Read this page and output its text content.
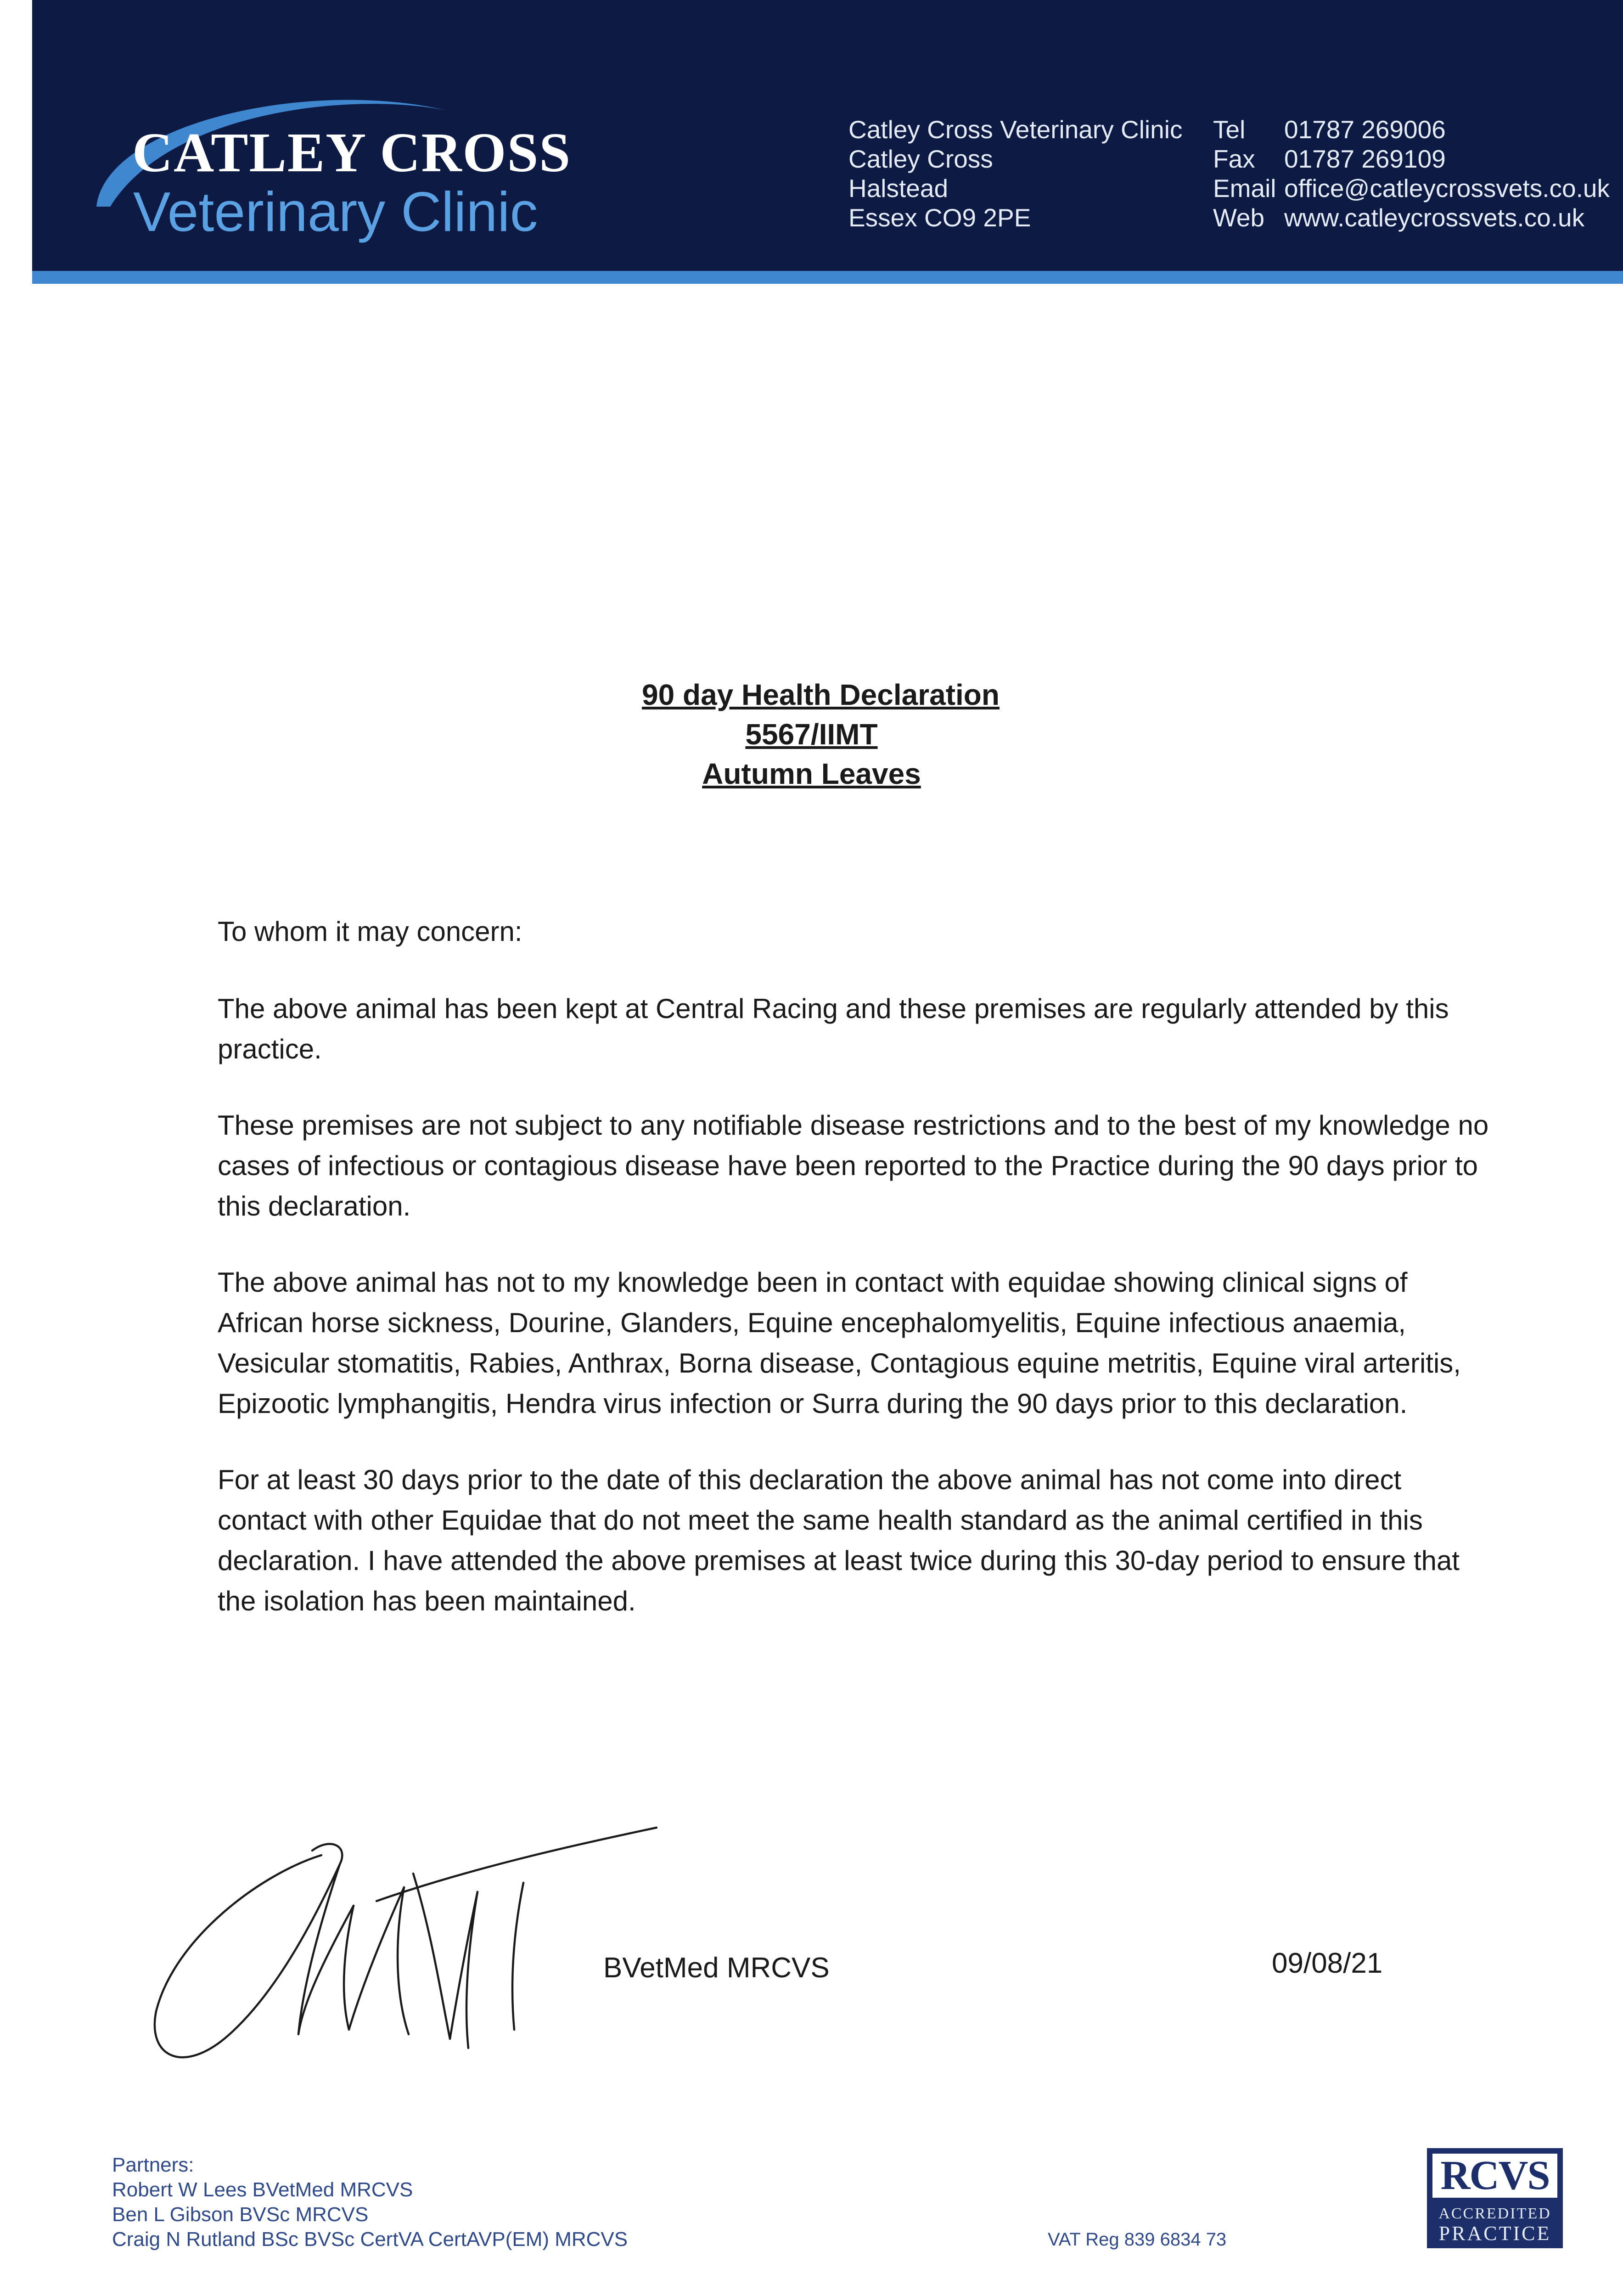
CATLEY CROSS
Veterinary Clinic
Catley Cross Veterinary Clinic
Catley Cross
Halstead
Essex CO9 2PE
Tel 01787 269006
Fax 01787 269109
Email office@catleycrossvets.co.uk
Web www.catleycrossvets.co.uk
90 day Health Declaration
5567/IIMT
Autumn Leaves

To whom it may concern:

The above animal has been kept at Central Racing and these premises are regularly attended by this practice.

These premises are not subject to any notifiable disease restrictions and to the best of my knowledge no cases of infectious or contagious disease have been reported to the Practice during the 90 days prior to this declaration.

The above animal has not to my knowledge been in contact with equidae showing clinical signs of African horse sickness, Dourine, Glanders, Equine encephalomyelitis, Equine infectious anaemia, Vesicular stomatitis, Rabies, Anthrax, Borna disease, Contagious equine metritis, Equine viral arteritis, Epizootic lymphangitis, Hendra virus infection or Surra during the 90 days prior to this declaration.

For at least 30 days prior to the date of this declaration the above animal has not come into direct contact with other Equidae that do not meet the same health standard as the animal certified in this declaration. I have attended the above premises at least twice during this 30-day period to ensure that the isolation has been maintained.

BVetMed MRCVS	09/08/21
Partners:
Robert W Lees BVetMed MRCVS
Ben L Gibson BVSc MRCVS
Craig N Rutland BSc BVSc CertVA CertAVP(EM) MRCVS	VAT Reg 839 6834 73
RCVS
ACCREDITED
PRACTICE
